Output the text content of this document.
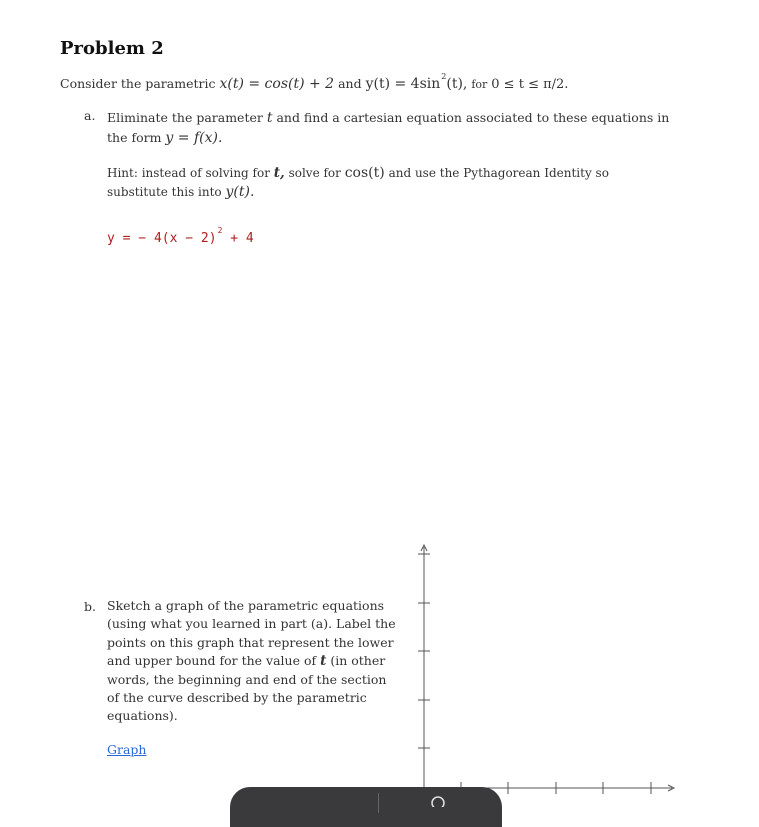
Problem 2
Consider the parametric x(t) = cos(t) + 2 and $y(t) = 4\sin^2(t)$, for 0 ≤ t ≤ π/2.
a. Eliminate the parameter t and find a cartesian equation associated to these equations in the form y = f(x).
Hint: instead of solving for t, solve for cos(t) and use the Pythagorean Identity so substitute this into y(t).
y = − $4(x - 2)^2 + 4$
b. Sketch a graph of the parametric equations (using what you learned in part (a). Label the points on this graph that represent the lower and upper bound for the value of t (in other words, the beginning and end of the section of the curve described by the parametric equations).
Graph
